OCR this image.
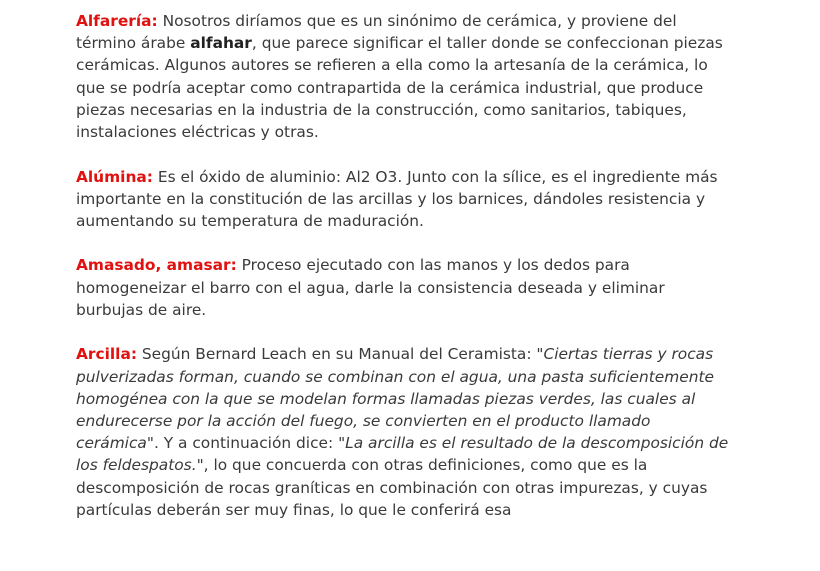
Alfarería: Nosotros diríamos que es un sinónimo de cerámica, y proviene del término árabe alfahar, que parece significar el taller donde se confeccionan piezas cerámicas. Algunos autores se refieren a ella como la artesanía de la cerámica, lo que se podría aceptar como contrapartida de la cerámica industrial, que produce piezas necesarias en la industria de la construcción, como sanitarios, tabiques, instalaciones eléctricas y otras.

Alúmina: Es el óxido de aluminio: Al2 O3. Junto con la sílice, es el ingrediente más importante en la constitución de las arcillas y los barnices, dándoles resistencia y aumentando su temperatura de maduración.

Amasado, amasar: Proceso ejecutado con las manos y los dedos para homogeneizar el barro con el agua, darle la consistencia deseada y eliminar burbujas de aire.

Arcilla: Según Bernard Leach en su Manual del Ceramista: "Ciertas tierras y rocas pulverizadas forman, cuando se combinan con el agua, una pasta suficientemente homogénea con la que se modelan formas llamadas piezas verdes, las cuales al endurecerse por la acción del fuego, se convierten en el producto llamado cerámica". Y a continuación dice: "La arcilla es el resultado de la descomposición de los feldespatos.", lo que concuerda con otras definiciones, como que es la descomposición de rocas graníticas en combinación con otras impurezas, y cuyas partículas deberán ser muy finas, lo que le conferirá esa
